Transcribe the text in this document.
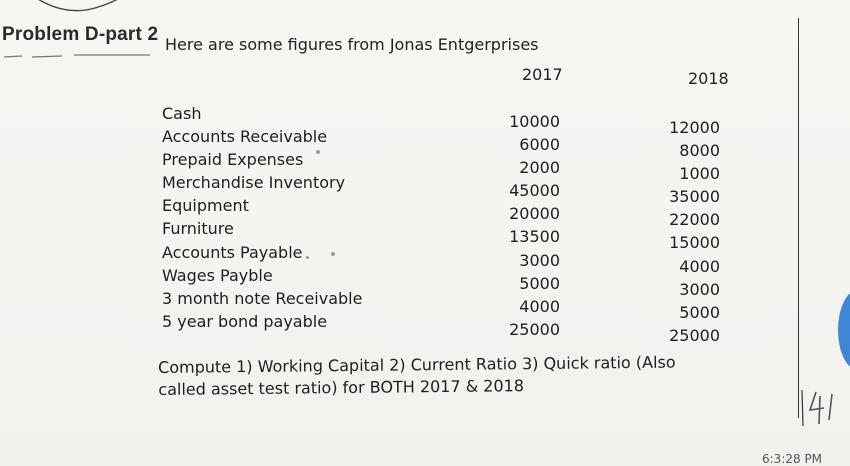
Problem D-part 2 Here are some figures from Jonas Entgerprises
2017	2018
Cash
Accounts Receivable
Prepaid Expenses
Merchandise Inventory
Equipment
Furniture
Accounts Payable
Wages Payble
3 month note Receivable
5 year bond payable
10000
6000
2000
45000
20000
13500
3000
5000
4000
25000
12000
8000
1000
35000
22000
15000
4000
3000
5000
25000
Compute 1) Working Capital 2) Current Ratio 3) Quick ratio (Also called asset test ratio) for BOTH 2017 & 2018
6:3:28 PM
